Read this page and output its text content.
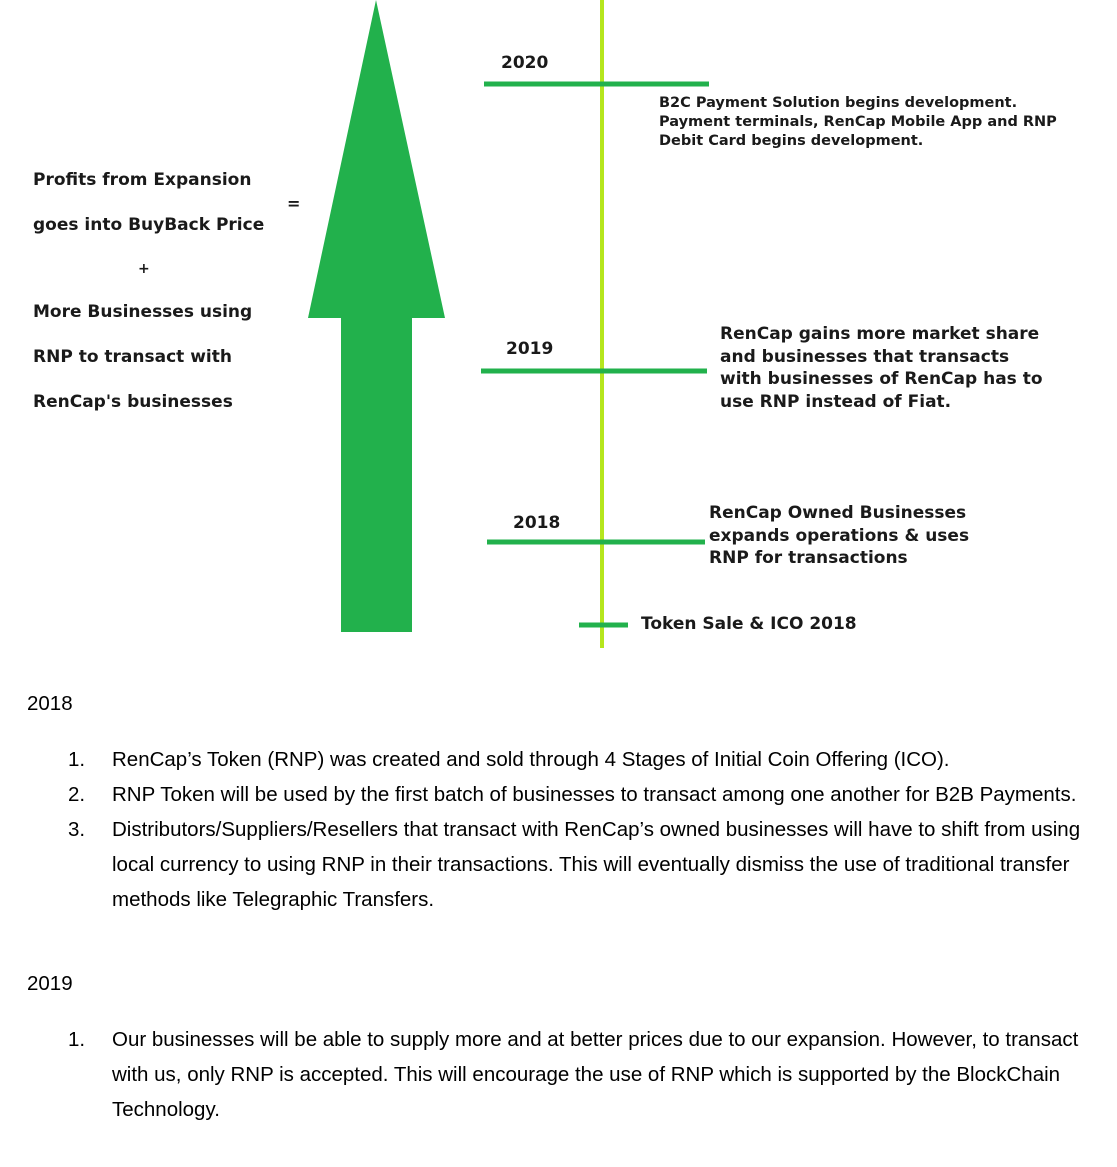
Profits from Expansion

goes into BuyBack Price

+

More Businesses using

RNP to transact with

RenCap's businesses

=
2020
B2C Payment Solution begins development.
Payment terminals, RenCap Mobile App and RNP
Debit Card begins development.
2019
RenCap gains more market share
and businesses that transacts
with businesses of RenCap has to
use RNP instead of Fiat.
2018	RenCap Owned Businesses
expands operations & uses
RNP for transactions
Token Sale & ICO 2018
2018
1. RenCap’s Token (RNP) was created and sold through 4 Stages of Initial Coin Offering (ICO).
2. RNP Token will be used by the first batch of businesses to transact among one another for B2B Payments.
3. Distributors/Suppliers/Resellers that transact with RenCap’s owned businesses will have to shift from using local currency to using RNP in their transactions. This will eventually dismiss the use of traditional transfer methods like Telegraphic Transfers.
2019
1. Our businesses will be able to supply more and at better prices due to our expansion. However, to transact with us, only RNP is accepted. This will encourage the use of RNP which is supported by the BlockChain Technology.
